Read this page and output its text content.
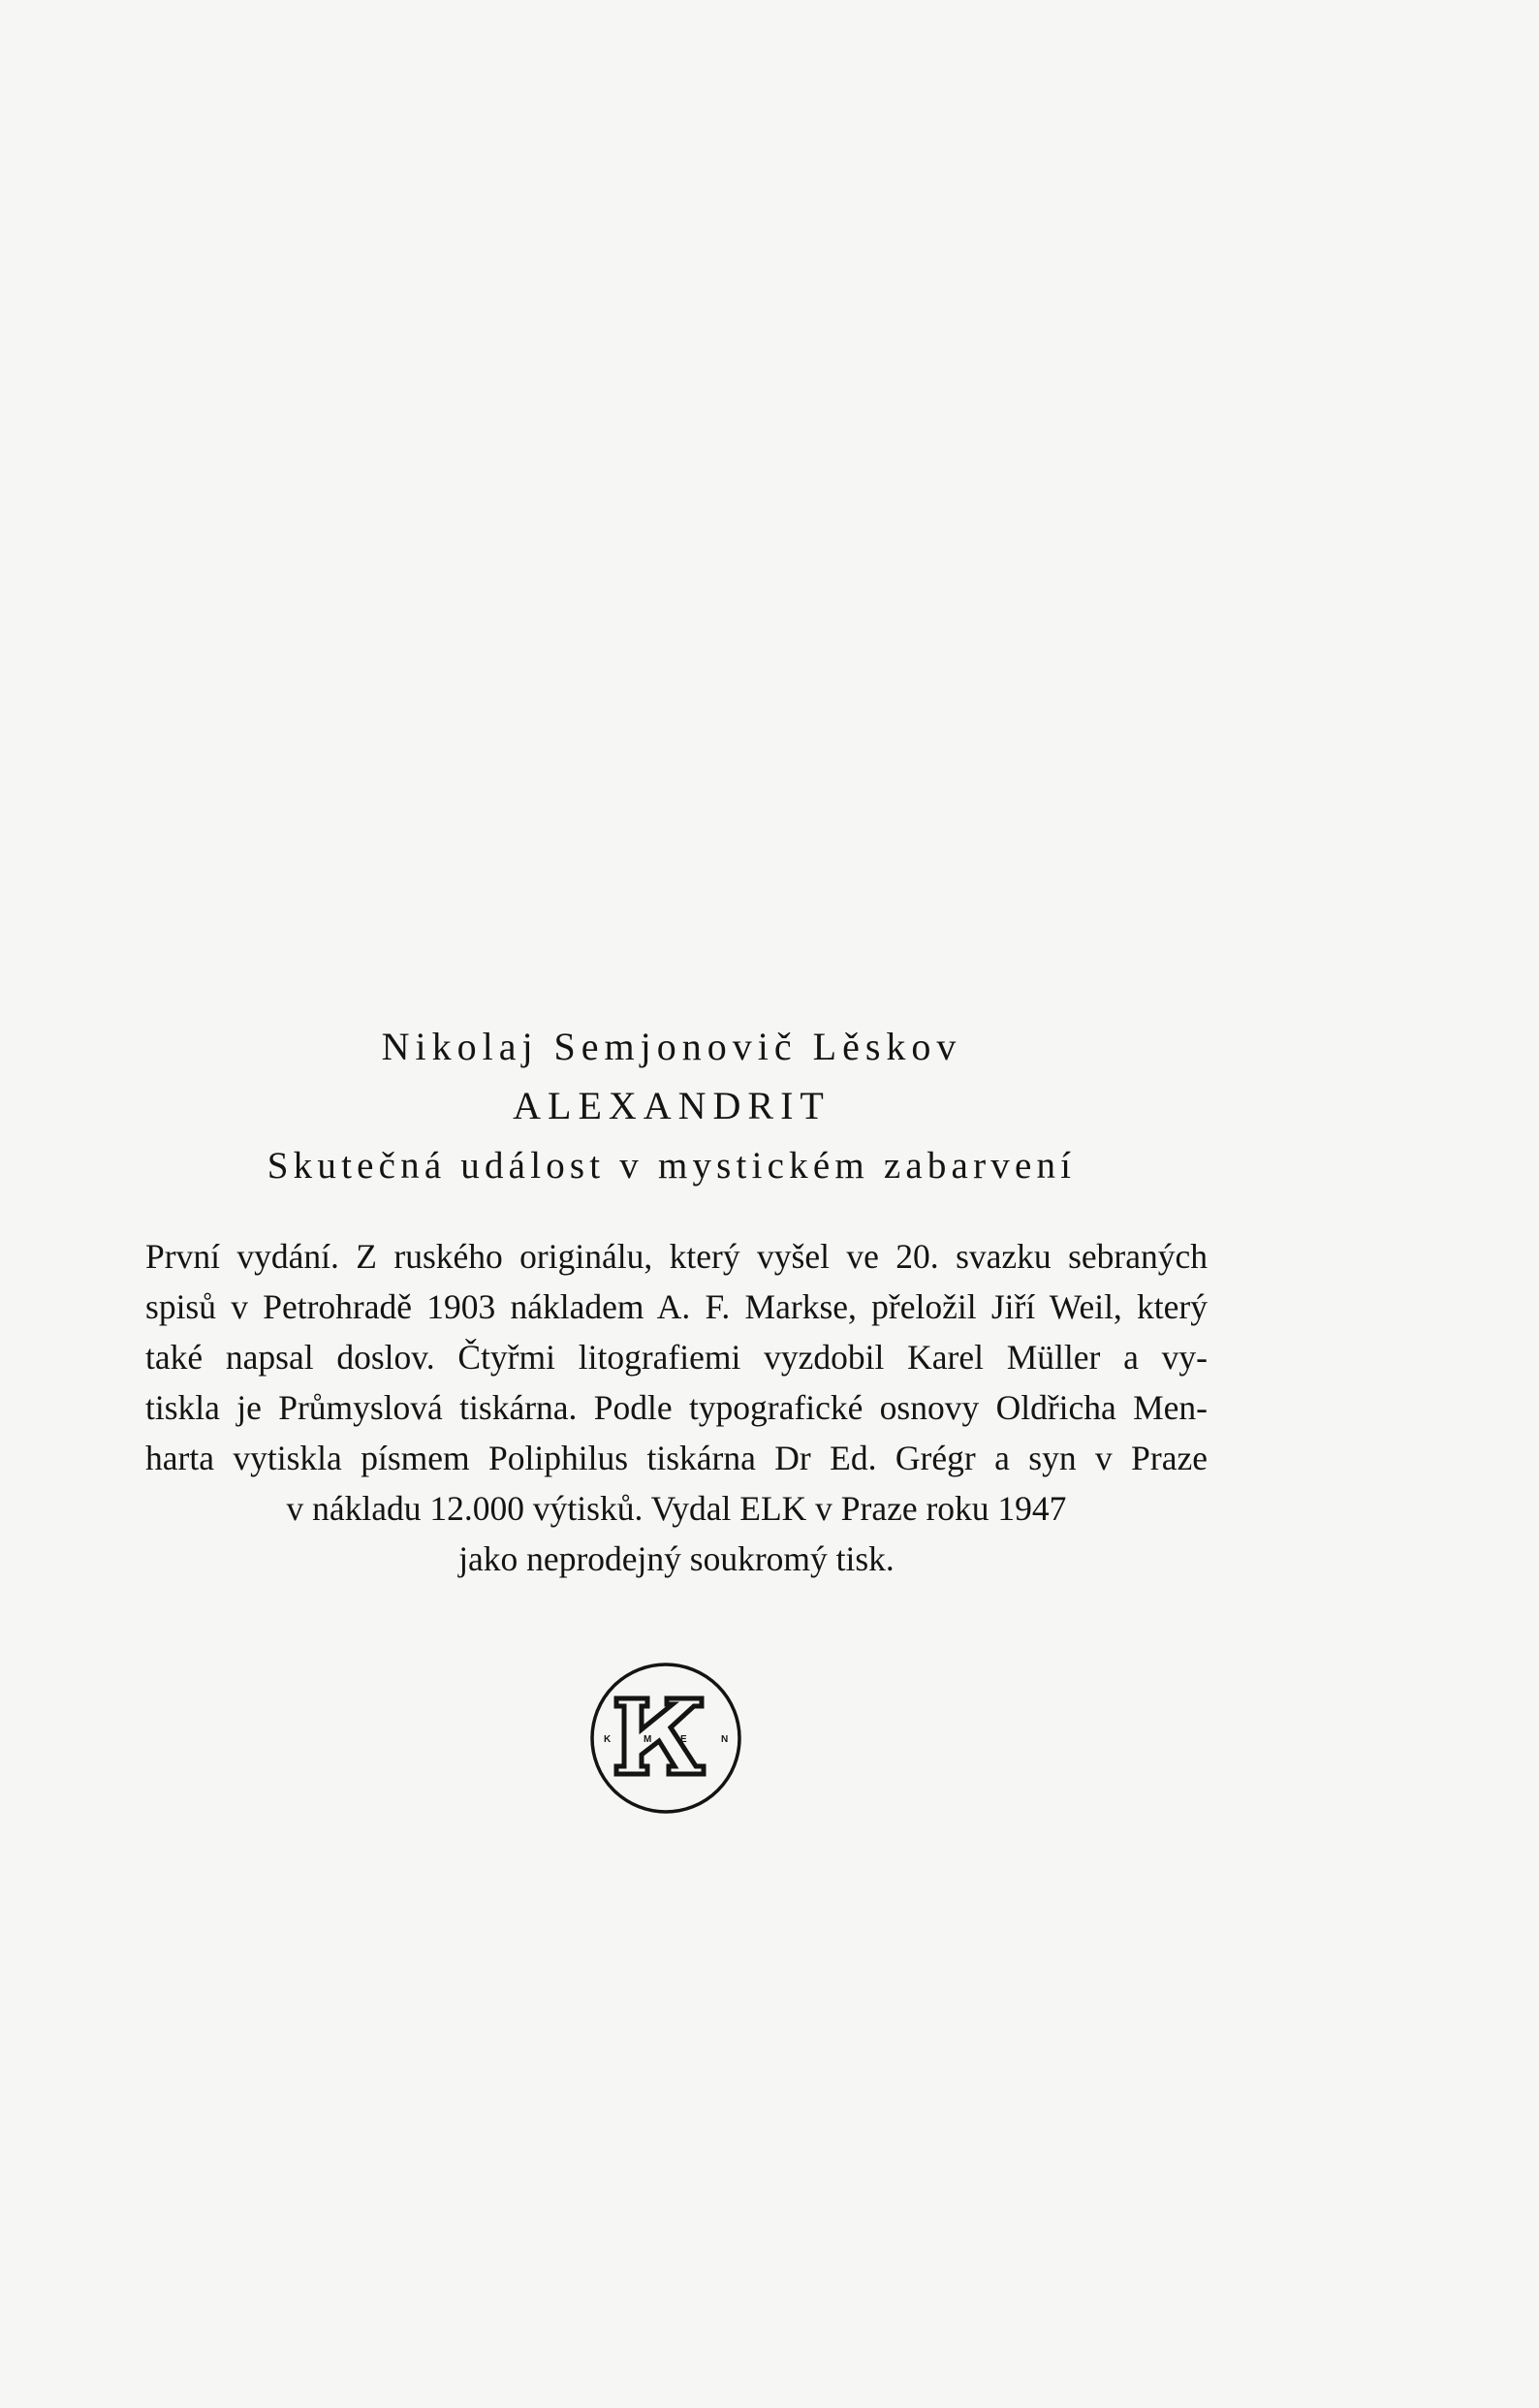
Nikolaj Semjonovič Lěskov

ALEXANDRIT

Skutečná událost v mystickém zabarvení

První vydání. Z ruského originálu, který vyšel ve 20. svazku sebraných
spisů v Petrohradě 1903 nákladem A. F. Markse, přeložil Jiří Weil, který
také napsal doslov. Čtyřmi litografiemi vyzdobil Karel Müller a vy-
tiskla je Průmyslová tiskárna. Podle typografické osnovy Oldřicha Men-
harta vytiskla písmem Poliphilus tiskárna Dr Ed. Grégr a syn v Praze
v nákladu 12.000 výtisků. Vydal ELK v Praze roku 1947
jako neprodejný soukromý tisk.
K	M	E	N
